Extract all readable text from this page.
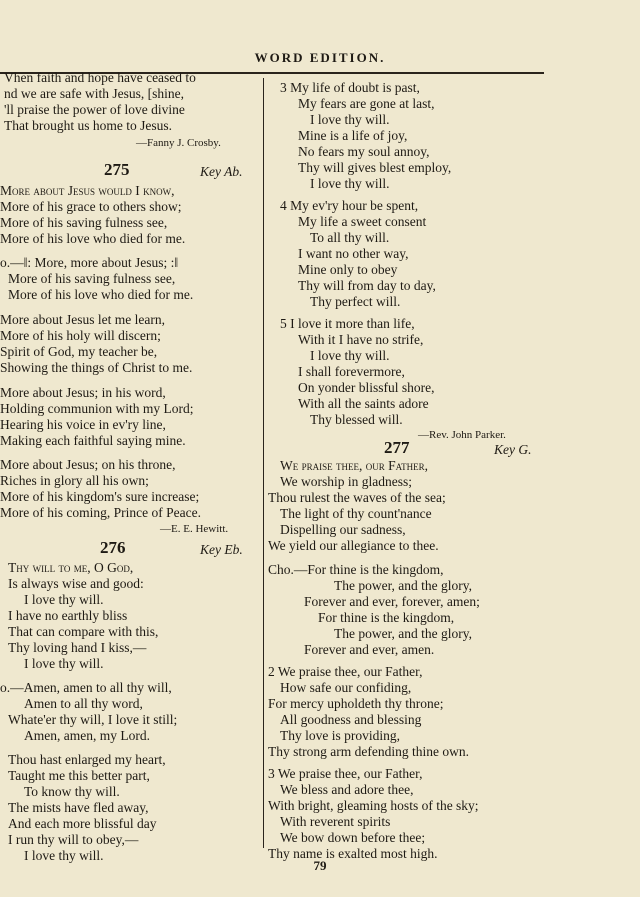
WORD EDITION.
Vhen faith and hope have ceased to
nd we are safe with Jesus, [shine,
'll praise the power of love divine
That brought us home to Jesus.
—Fanny J. Crosby.
275	Key Ab.
More about Jesus would I know,
More of his grace to others show;
More of his saving fulness see,
More of his love who died for me.
o.—‖: More, more about Jesus; :‖
More of his saving fulness see,
More of his love who died for me.
More about Jesus let me learn,
More of his holy will discern;
Spirit of God, my teacher be,
Showing the things of Christ to me.
More about Jesus; in his word,
Holding communion with my Lord;
Hearing his voice in ev'ry line,
Making each faithful saying mine.
More about Jesus; on his throne,
Riches in glory all his own;
More of his kingdom's sure increase;
More of his coming, Prince of Peace.
—E. E. Hewitt.
276	Key Eb.
Thy will to me, O God,
Is always wise and good:
I love thy will.
I have no earthly bliss
That can compare with this,
Thy loving hand I kiss,—
I love thy will.
o.—Amen, amen to all thy will,
Amen to all thy word,
Whate'er thy will, I love it still;
Amen, amen, my Lord.
Thou hast enlarged my heart,
Taught me this better part,
To know thy will.
The mists have fled away,
And each more blissful day
I run thy will to obey,—
I love thy will.
3 My life of doubt is past,
My fears are gone at last,
I love thy will.
Mine is a life of joy,
No fears my soul annoy,
Thy will gives blest employ,
I love thy will.
4 My ev'ry hour be spent,
My life a sweet consent
To all thy will.
I want no other way,
Mine only to obey
Thy will from day to day,
Thy perfect will.
5 I love it more than life,
With it I have no strife,
I love thy will.
I shall forevermore,
On yonder blissful shore,
With all the saints adore
Thy blessed will.
—Rev. John Parker.
277	Key G.
We praise thee, our Father,
We worship in gladness;
Thou rulest the waves of the sea;
The light of thy count'nance
Dispelling our sadness,
We yield our allegiance to thee.
Cho.—For thine is the kingdom,
The power, and the glory,
Forever and ever, forever, amen;
For thine is the kingdom,
The power, and the glory,
Forever and ever, amen.
2 We praise thee, our Father,
How safe our confiding,
For mercy upholdeth thy throne;
All goodness and blessing
Thy love is providing,
Thy strong arm defending thine own.
3 We praise thee, our Father,
We bless and adore thee,
With bright, gleaming hosts of the sky;
With reverent spirits
We bow down before thee;
Thy name is exalted most high.
79
